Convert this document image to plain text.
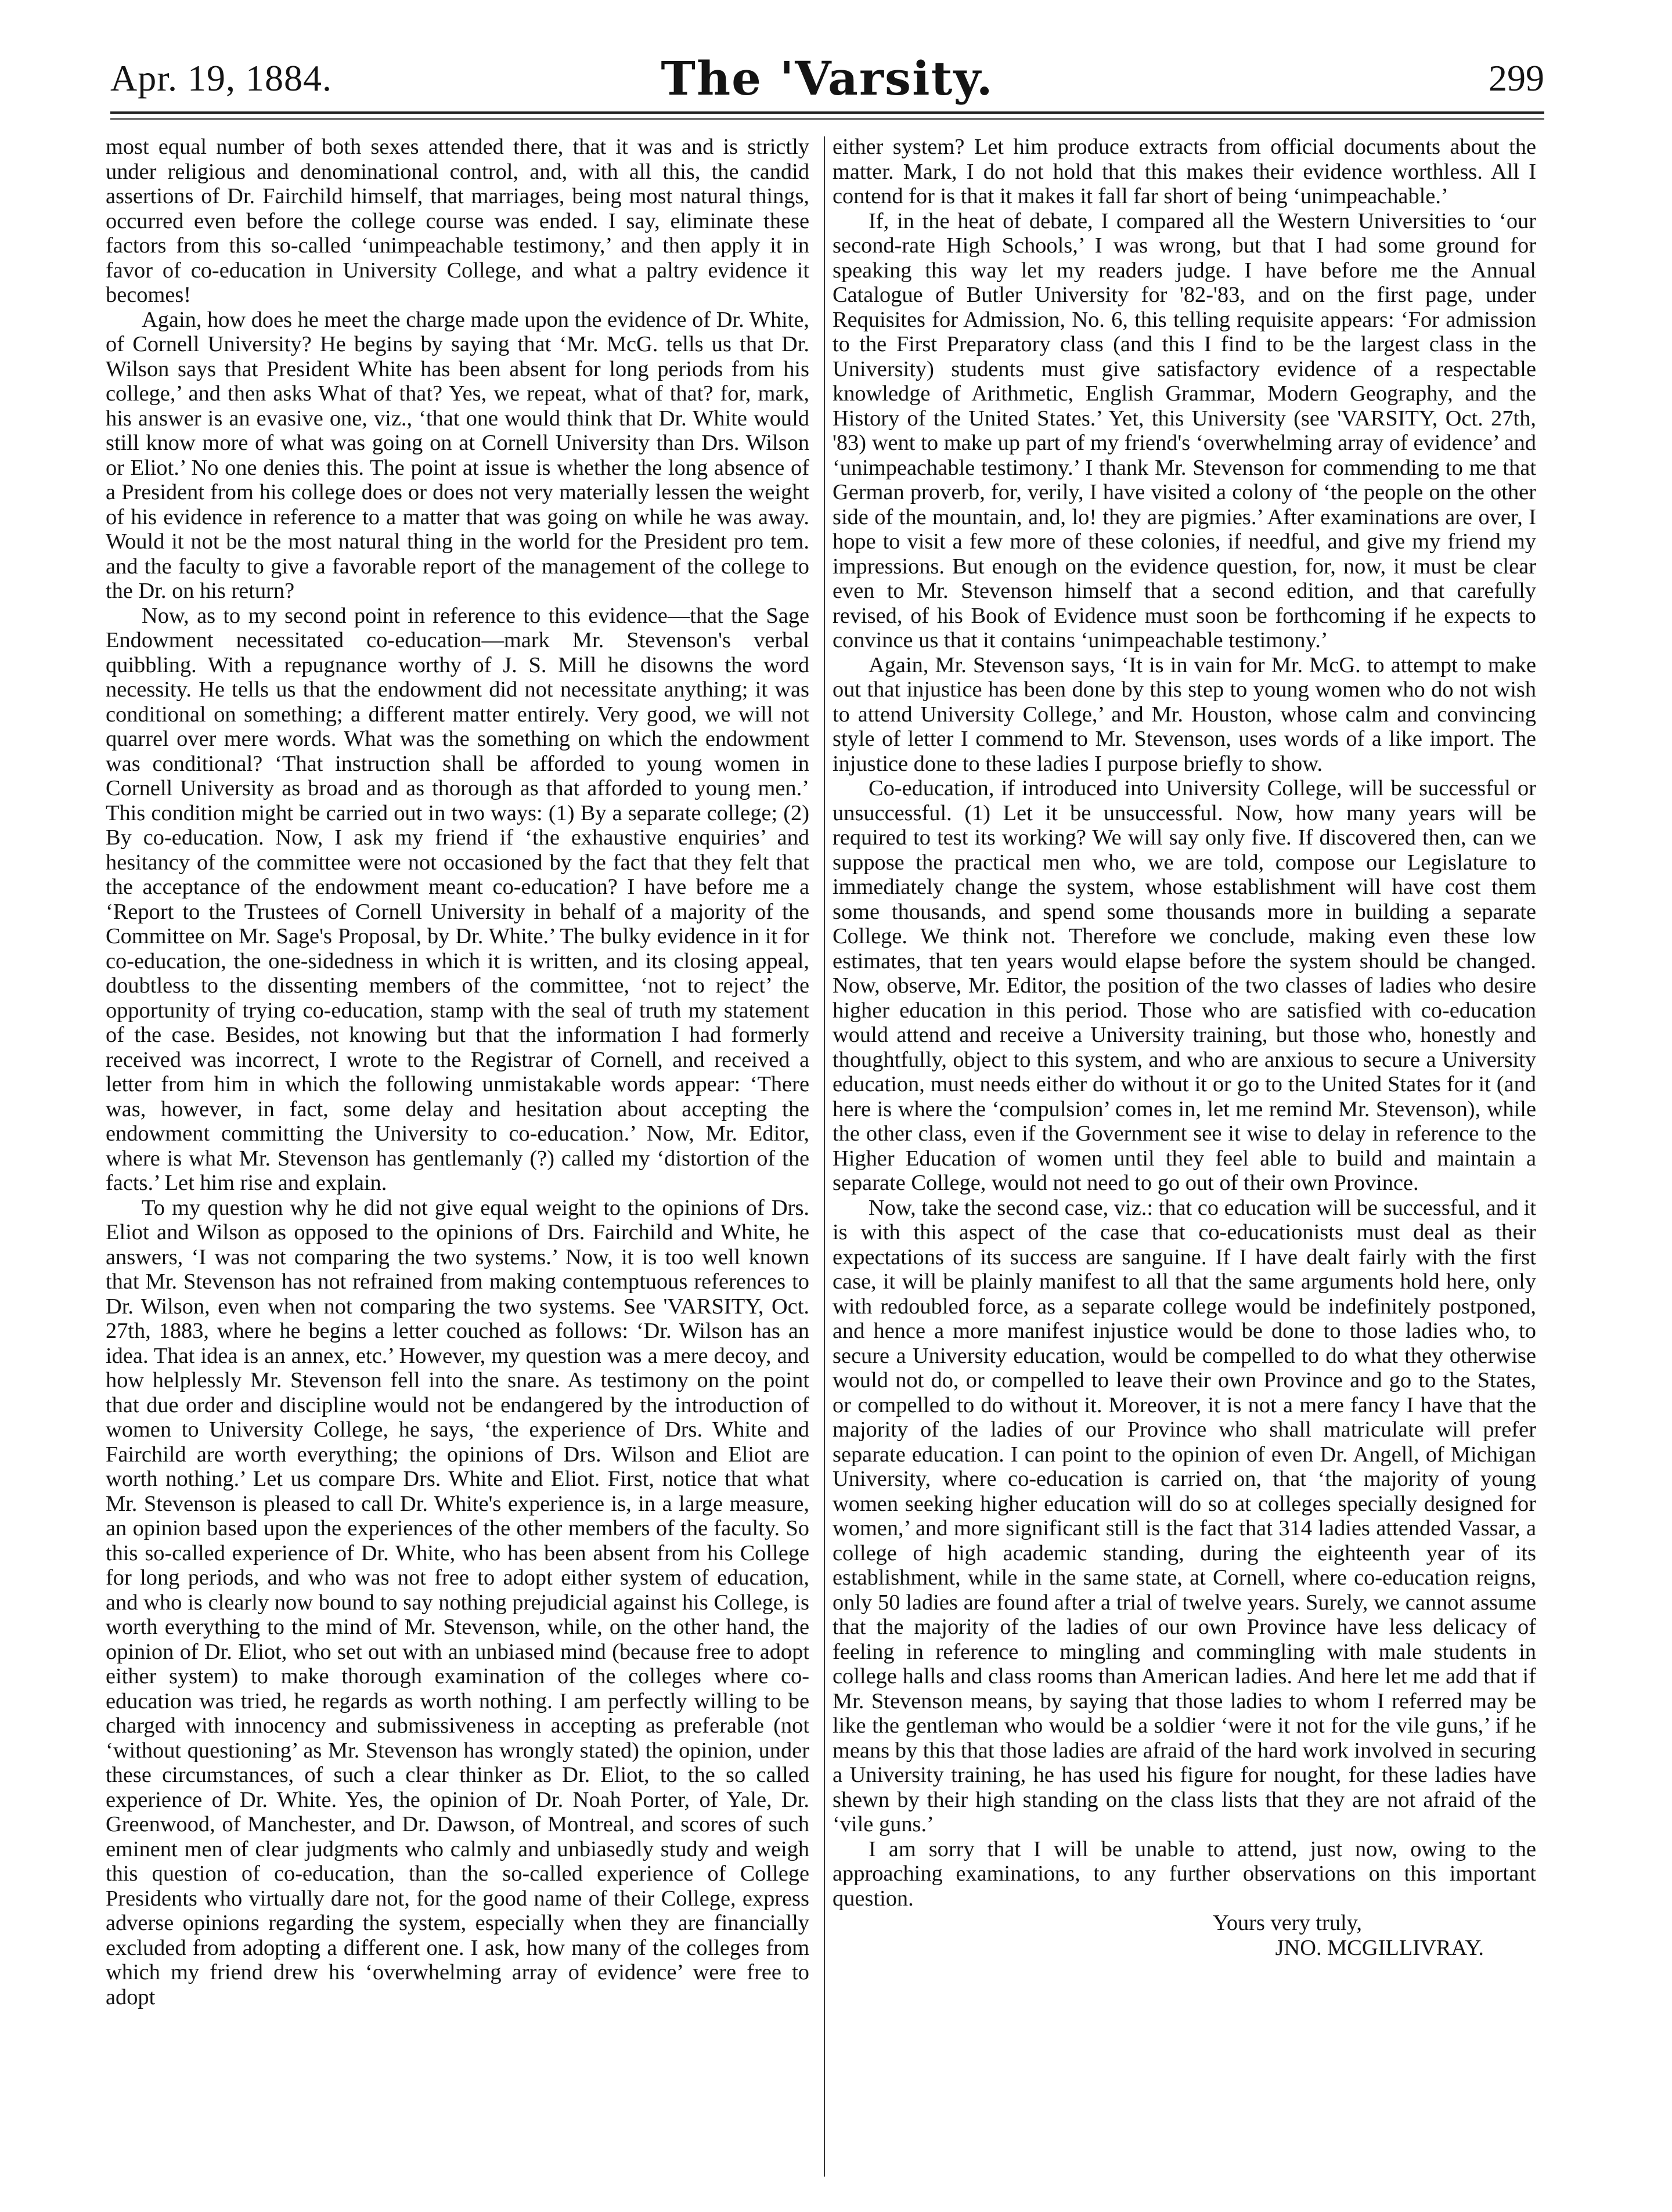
Apr. 19, 1884.	The 'Varsity.	299

most equal number of both sexes attended there, that it was and is strictly under religious and denominational control, and, with all this, the candid assertions of Dr. Fairchild himself, that marriages, being most natural things, occurred even before the college course was ended. I say, eliminate these factors from this so-called ‘unimpeachable testimony,’ and then apply it in favor of co-education in University College, and what a paltry evidence it becomes!

Again, how does he meet the charge made upon the evidence of Dr. White, of Cornell University? He begins by saying that ‘Mr. McG. tells us that Dr. Wilson says that President White has been absent for long periods from his college,’ and then asks What of that? Yes, we repeat, what of that? for, mark, his answer is an evasive one, viz., ‘that one would think that Dr. White would still know more of what was going on at Cornell University than Drs. Wilson or Eliot.’ No one denies this. The point at issue is whether the long absence of a President from his college does or does not very materially lessen the weight of his evidence in reference to a matter that was going on while he was away. Would it not be the most natural thing in the world for the President pro tem. and the faculty to give a favorable report of the management of the college to the Dr. on his return?

Now, as to my second point in reference to this evidence—that the Sage Endowment necessitated co-education—mark Mr. Stevenson's verbal quibbling. With a repugnance worthy of J. S. Mill he disowns the word necessity. He tells us that the endowment did not necessitate anything; it was conditional on something; a different matter entirely. Very good, we will not quarrel over mere words. What was the something on which the endowment was conditional? ‘That instruction shall be afforded to young women in Cornell University as broad and as thorough as that afforded to young men.’ This condition might be carried out in two ways: (1) By a separate college; (2) By co-education. Now, I ask my friend if ‘the exhaustive enquiries’ and hesitancy of the committee were not occasioned by the fact that they felt that the acceptance of the endowment meant co-education? I have before me a ‘Report to the Trustees of Cornell University in behalf of a majority of the Committee on Mr. Sage's Proposal, by Dr. White.’ The bulky evidence in it for co-education, the one-sidedness in which it is written, and its closing appeal, doubtless to the dissenting members of the committee, ‘not to reject’ the opportunity of trying co-education, stamp with the seal of truth my statement of the case. Besides, not knowing but that the information I had formerly received was incorrect, I wrote to the Registrar of Cornell, and received a letter from him in which the following unmistakable words appear: ‘There was, however, in fact, some delay and hesitation about accepting the endowment committing the University to co-education.’ Now, Mr. Editor, where is what Mr. Stevenson has gentlemanly (?) called my ‘distortion of the facts.’ Let him rise and explain.

To my question why he did not give equal weight to the opinions of Drs. Eliot and Wilson as opposed to the opinions of Drs. Fairchild and White, he answers, ‘I was not comparing the two systems.’ Now, it is too well known that Mr. Stevenson has not refrained from making contemptuous references to Dr. Wilson, even when not comparing the two systems. See 'VARSITY, Oct. 27th, 1883, where he begins a letter couched as follows: ‘Dr. Wilson has an idea. That idea is an annex, etc.’ However, my question was a mere decoy, and how helplessly Mr. Stevenson fell into the snare. As testimony on the point that due order and discipline would not be endangered by the introduction of women to University College, he says, ‘the experience of Drs. White and Fairchild are worth everything; the opinions of Drs. Wilson and Eliot are worth nothing.’ Let us compare Drs. White and Eliot. First, notice that what Mr. Stevenson is pleased to call Dr. White's experience is, in a large measure, an opinion based upon the experiences of the other members of the faculty. So this so-called experience of Dr. White, who has been absent from his College for long periods, and who was not free to adopt either system of education, and who is clearly now bound to say nothing prejudicial against his College, is worth everything to the mind of Mr. Stevenson, while, on the other hand, the opinion of Dr. Eliot, who set out with an unbiased mind (because free to adopt either system) to make thorough examination of the colleges where co-education was tried, he regards as worth nothing. I am perfectly willing to be charged with innocency and submissiveness in accepting as preferable (not ‘without questioning’ as Mr. Stevenson has wrongly stated) the opinion, under these circumstances, of such a clear thinker as Dr. Eliot, to the so called experience of Dr. White. Yes, the opinion of Dr. Noah Porter, of Yale, Dr. Greenwood, of Manchester, and Dr. Dawson, of Montreal, and scores of such eminent men of clear judgments who calmly and unbiasedly study and weigh this question of co-education, than the so-called experience of College Presidents who virtually dare not, for the good name of their College, express adverse opinions regarding the system, especially when they are financially excluded from adopting a different one. I ask, how many of the colleges from which my friend drew his ‘overwhelming array of evidence’ were free to adopt

either system? Let him produce extracts from official documents about the matter. Mark, I do not hold that this makes their evidence worthless. All I contend for is that it makes it fall far short of being ‘unimpeachable.’

If, in the heat of debate, I compared all the Western Universities to ‘our second-rate High Schools,’ I was wrong, but that I had some ground for speaking this way let my readers judge. I have before me the Annual Catalogue of Butler University for '82-'83, and on the first page, under Requisites for Admission, No. 6, this telling requisite appears: ‘For admission to the First Preparatory class (and this I find to be the largest class in the University) students must give satisfactory evidence of a respectable knowledge of Arithmetic, English Grammar, Modern Geography, and the History of the United States.’ Yet, this University (see 'VARSITY, Oct. 27th, '83) went to make up part of my friend's ‘overwhelming array of evidence’ and ‘unimpeachable testimony.’ I thank Mr. Stevenson for commending to me that German proverb, for, verily, I have visited a colony of ‘the people on the other side of the mountain, and, lo! they are pigmies.’ After examinations are over, I hope to visit a few more of these colonies, if needful, and give my friend my impressions. But enough on the evidence question, for, now, it must be clear even to Mr. Stevenson himself that a second edition, and that carefully revised, of his Book of Evidence must soon be forthcoming if he expects to convince us that it contains ‘unimpeachable testimony.’

Again, Mr. Stevenson says, ‘It is in vain for Mr. McG. to attempt to make out that injustice has been done by this step to young women who do not wish to attend University College,’ and Mr. Houston, whose calm and convincing style of letter I commend to Mr. Stevenson, uses words of a like import. The injustice done to these ladies I purpose briefly to show.

Co-education, if introduced into University College, will be successful or unsuccessful. (1) Let it be unsuccessful. Now, how many years will be required to test its working? We will say only five. If discovered then, can we suppose the practical men who, we are told, compose our Legislature to immediately change the system, whose establishment will have cost them some thousands, and spend some thousands more in building a separate College. We think not. Therefore we conclude, making even these low estimates, that ten years would elapse before the system should be changed. Now, observe, Mr. Editor, the position of the two classes of ladies who desire higher education in this period. Those who are satisfied with co-education would attend and receive a University training, but those who, honestly and thoughtfully, object to this system, and who are anxious to secure a University education, must needs either do without it or go to the United States for it (and here is where the ‘compulsion’ comes in, let me remind Mr. Stevenson), while the other class, even if the Government see it wise to delay in reference to the Higher Education of women until they feel able to build and maintain a separate College, would not need to go out of their own Province.

Now, take the second case, viz.: that co education will be successful, and it is with this aspect of the case that co-educationists must deal as their expectations of its success are sanguine. If I have dealt fairly with the first case, it will be plainly manifest to all that the same arguments hold here, only with redoubled force, as a separate college would be indefinitely postponed, and hence a more manifest injustice would be done to those ladies who, to secure a University education, would be compelled to do what they otherwise would not do, or compelled to leave their own Province and go to the States, or compelled to do without it. Moreover, it is not a mere fancy I have that the majority of the ladies of our Province who shall matriculate will prefer separate education. I can point to the opinion of even Dr. Angell, of Michigan University, where co-education is carried on, that ‘the majority of young women seeking higher education will do so at colleges specially designed for women,’ and more significant still is the fact that 314 ladies attended Vassar, a college of high academic standing, during the eighteenth year of its establishment, while in the same state, at Cornell, where co-education reigns, only 50 ladies are found after a trial of twelve years. Surely, we cannot assume that the majority of the ladies of our own Province have less delicacy of feeling in reference to mingling and commingling with male students in college halls and class rooms than American ladies. And here let me add that if Mr. Stevenson means, by saying that those ladies to whom I referred may be like the gentleman who would be a soldier ‘were it not for the vile guns,’ if he means by this that those ladies are afraid of the hard work involved in securing a University training, he has used his figure for nought, for these ladies have shewn by their high standing on the class lists that they are not afraid of the ‘vile guns.’

I am sorry that I will be unable to attend, just now, owing to the approaching examinations, to any further observations on this important question.

Yours very truly,

JNO. MCGILLIVRAY.
